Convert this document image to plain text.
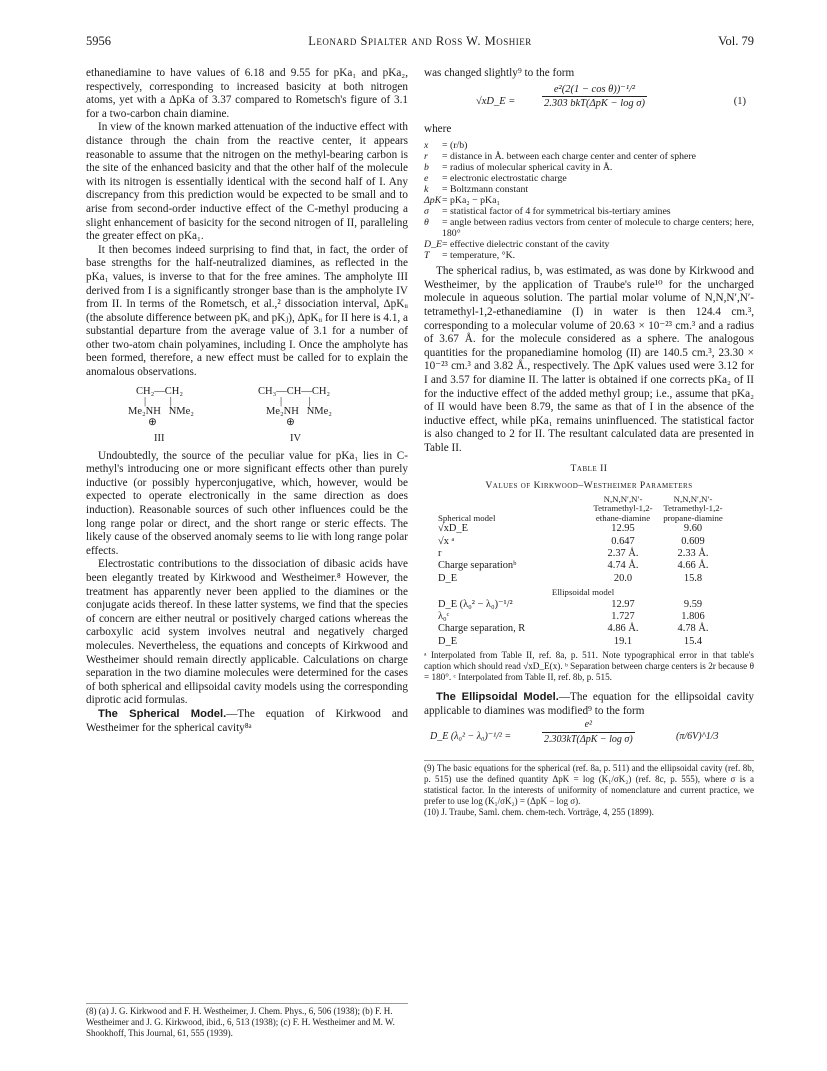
5956	Leonard Spialter and Ross W. Moshier	Vol. 79

ethanediamine to have values of 6.18 and 9.55 for pKa₁ and pKa₂, respectively, corresponding to increased basicity at both nitrogen atoms, yet with a ΔpKa of 3.37 compared to Rometsch's figure of 3.1 for a two-carbon chain diamine.

In view of the known marked attenuation of the inductive effect with distance through the chain from the reactive center, it appears reasonable to assume that the nitrogen on the methyl-bearing carbon is the site of the enhanced basicity and that the other half of the molecule with its nitrogen is essentially identical with the second half of I. Any discrepancy from this prediction would be expected to be small and to arise from second-order inductive effect of the C-methyl producing a slight enhancement of basicity for the second nitrogen of II, paralleling the greater effect on pKa₁.

It then becomes indeed surprising to find that, in fact, the order of base strengths for the half-neutralized diamines, as reflected in the pKa₁ values, is inverse to that for the free amines. The ampholyte III derived from I is a significantly stronger base than is the ampholyte IV from II. In terms of the Rometsch, et al.,² dissociation interval, ΔpKᵢᵢ (the absolute difference between pKᵢ and pKⱼ), ΔpKᵢᵢ for II here is 4.1, a substantial departure from the average value of 3.1 for a number of other two-atom chain polyamines, including I. Once the ampholyte has been formed, therefore, a new effect must be called for to explain the anomalous observations.

CH₂—CH₂
|         |
Me₂NH   NMe₂
⊕
III
CH₃—CH—CH₂
|          |
Me₂NH   NMe₂
⊕
IV

Undoubtedly, the source of the peculiar value for pKa₁ lies in C-methyl's introducing one or more significant effects other than purely inductive (or possibly hyperconjugative, which, however, would be expected to operate electronically in the same direction as does induction). Reasonable sources of such other influences could be the long range polar or direct, and the short range or steric effects. The likely cause of the observed anomaly seems to lie with long range polar effects.

Electrostatic contributions to the dissociation of dibasic acids have been elegantly treated by Kirkwood and Westheimer.⁸ However, the treatment has apparently never been applied to the diamines or the conjugate acids thereof. In these latter systems, we find that the species of concern are either neutral or positively charged cations whereas the carboxylic acid system involves neutral and negatively charged molecules. Nevertheless, the equations and concepts of Kirkwood and Westheimer should remain directly applicable. Calculations on charge separation in the two diamine molecules were determined for the cases of both spherical and ellipsoidal cavity models using the corresponding diprotic acid formulas.

The Spherical Model.—The equation of Kirkwood and Westheimer for the spherical cavity⁸ᵃ

(8) (a) J. G. Kirkwood and F. H. Westheimer, J. Chem. Phys., 6, 506 (1938); (b) F. H. Westheimer and J. G. Kirkwood, ibid., 6, 513 (1938); (c) F. H. Westheimer and M. W. Shookhoff, This Journal, 61, 555 (1939).

was changed slightly⁹ to the form

√xD_E =
e²(2(1 − cos θ))⁻¹/²
2.303 bkT(ΔpK − log σ)	(1)

where

x	= (r/b)
r	= distance in Å. between each charge center and center of sphere
b	= radius of molecular spherical cavity in Å.
e	= electronic electrostatic charge
k	= Boltzmann constant
ΔpK	= pKa₂ − pKa₁
σ	= statistical factor of 4 for symmetrical bis-tertiary amines
θ	= angle between radius vectors from center of molecule to charge centers; here, 180°
D_E	= effective dielectric constant of the cavity
T	= temperature, °K.

The spherical radius, b, was estimated, as was done by Kirkwood and Westheimer, by the application of Traube's rule¹⁰ for the uncharged molecule in aqueous solution. The partial molar volume of N,N,N′,N′-tetramethyl-1,2-ethanediamine (I) in water is then 124.4 cm.³, corresponding to a molecular volume of 20.63 × 10⁻²³ cm.³ and a radius of 3.67 Å. for the molecule considered as a sphere. The analogous quantities for the propanediamine homolog (II) are 140.5 cm.³, 23.30 × 10⁻²³ cm.³ and 3.82 Å., respectively. The ΔpK values used were 3.12 for I and 3.57 for diamine II. The latter is obtained if one corrects pKa₂ of II for the inductive effect of the added methyl group; i.e., assume that pKa₂ of II would have been 8.79, the same as that of I in the absence of the inductive effect, while pKa₁ remains uninfluenced. The statistical factor is also changed to 2 for II. The resultant calculated data are presented in Table II.

Table II
Values of Kirkwood–Westheimer Parameters
Spherical model	N,N,N′,N′-Tetramethyl-1,2-ethane-diamine	N,N,N′,N′-Tetramethyl-1,2-propane-diamine
√xD_E	12.95	9.60
√x ᵃ	0.647	0.609
r	2.37 Å.	2.33 Å.
Charge separationᵇ	4.74 Å.	4.66 Å.
D_E	20.0	15.8
Ellipsoidal model		
D_E (λ₀² − λ₀)⁻¹/²	12.97	9.59
λ₀ᶜ	1.727	1.806
Charge separation, R	4.86 Å.	4.78 Å.
D_E	19.1	15.4
ᵃ Interpolated from Table II, ref. 8a, p. 511. Note typographical error in that table's caption which should read √xD_E(x). ᵇ Separation between charge centers is 2r because θ = 180°. ᶜ Interpolated from Table II, ref. 8b, p. 515.

The Ellipsoidal Model.—The equation for the ellipsoidal cavity applicable to diamines was modified⁹ to the form

D_E (λ₀² − λ₀)⁻¹/² =
e²
2.303kT(ΔpK − log σ)	(π/6V)^1/3
(9) The basic equations for the spherical (ref. 8a, p. 511) and the ellipsoidal cavity (ref. 8b, p. 515) use the defined quantity ΔpK = log (K₁/σK₂) (ref. 8c, p. 555), where σ is a statistical factor. In the interests of uniformity of nomenclature and current practice, we prefer to use log (K₁/σK₂) = (ΔpK − log σ).
(10) J. Traube, Saml. chem. chem-tech. Vorträge, 4, 255 (1899).
